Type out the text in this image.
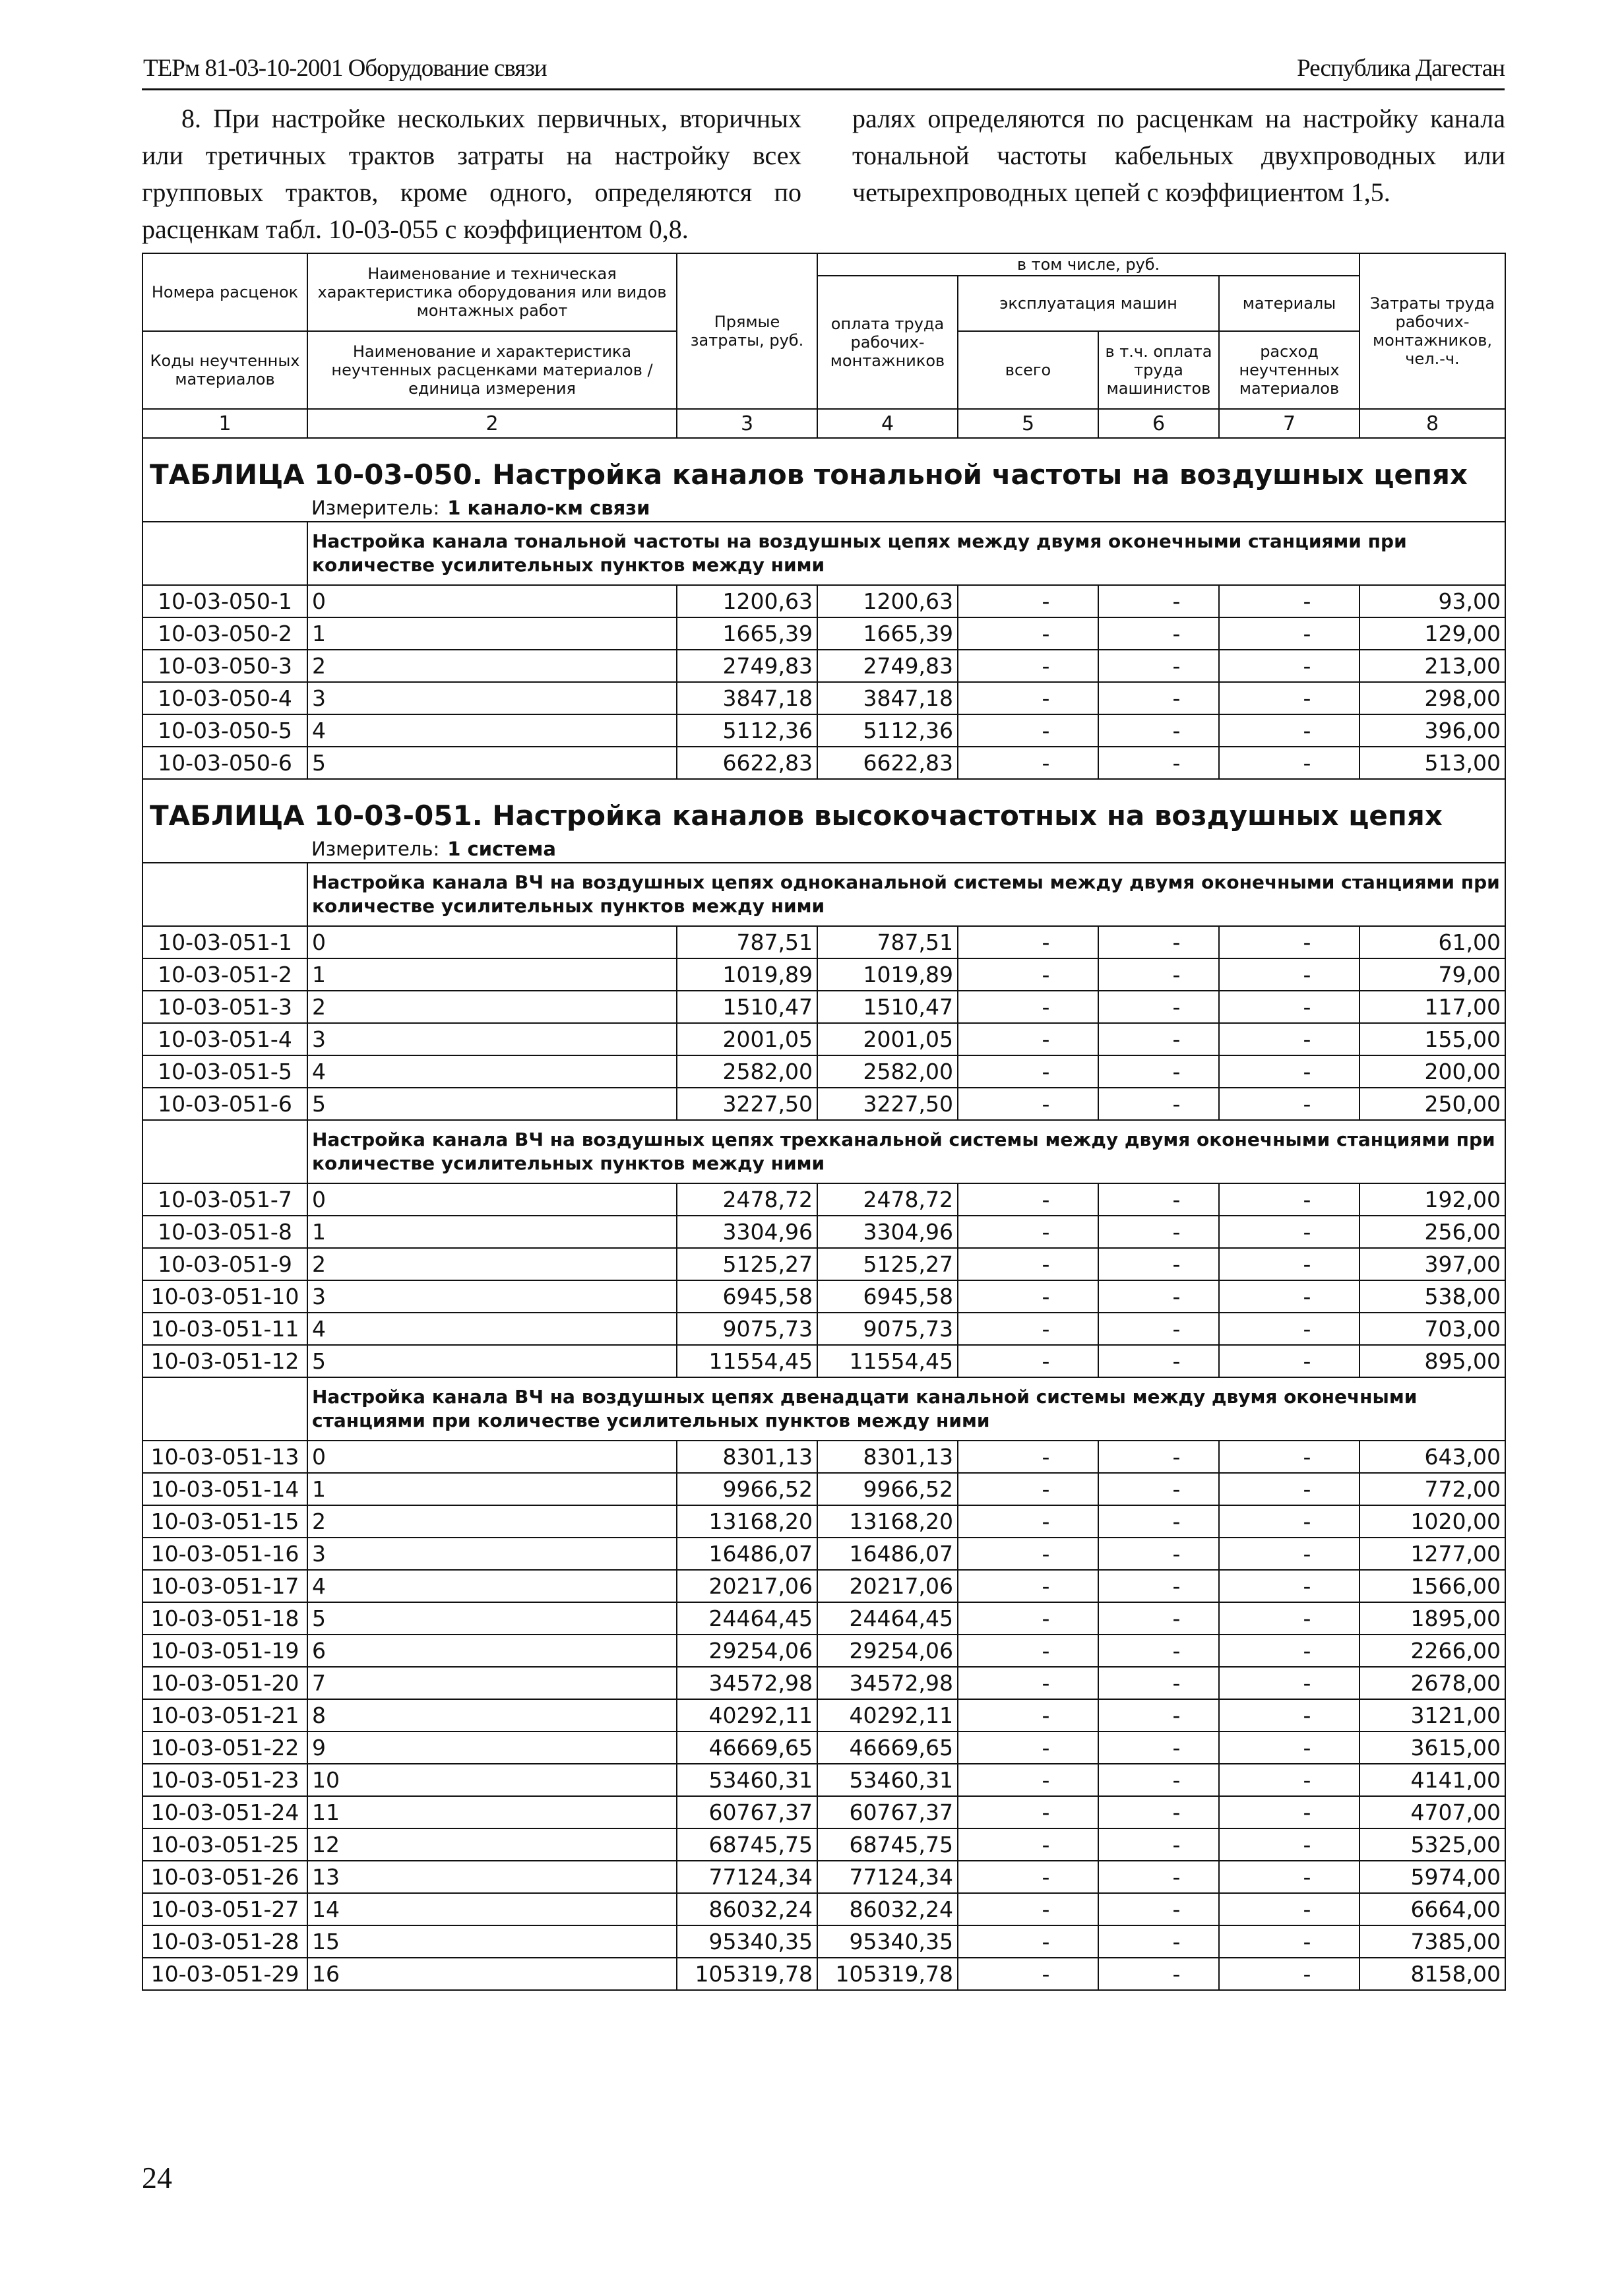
ТЕРм 81-03-10-2001 Оборудование связи	Республика Дагестан
8. При настройке нескольких первичных, вторичных или третичных трактов затраты на настройку всех групповых трактов, кроме одного, определяются по расценкам табл. 10-03-055 с коэффициентом 0,8.
ралях определяются по расценкам на настройку канала тональной частоты кабельных двухпроводных или четырехпроводных цепей с коэффициентом 1,5.
Номера расценок	Наименование и техническая характеристика оборудования или видов монтажных работ	Прямые затраты, руб.	в том числе, руб.				Затраты труда рабочих-монтажников, чел.-ч.
			оплата труда рабочих-монтажников	эксплуатация машин		материалы	
Коды неучтенных материалов	Наименование и характеристика неучтенных расценками материалов / единица измерения			всего	в т.ч. оплата труда машинистов	расход неучтенных материалов	

1	2	3	4	5	6	7	8
ТАБЛИЦА 10-03-050. Настройка каналов тональной частоты на воздушных цепях							
	Измеритель: 1 канало-км связи						
	Настройка канала тональной частоты на воздушных цепях между двумя оконечными станциями при количестве усилительных пунктов между ними						
10-03-050-1	0	1200,63	1200,63	-	-	-	93,00
10-03-050-2	1	1665,39	1665,39	-	-	-	129,00
10-03-050-3	2	2749,83	2749,83	-	-	-	213,00
10-03-050-4	3	3847,18	3847,18	-	-	-	298,00
10-03-050-5	4	5112,36	5112,36	-	-	-	396,00
10-03-050-6	5	6622,83	6622,83	-	-	-	513,00
ТАБЛИЦА 10-03-051. Настройка каналов высокочастотных на воздушных цепях							
	Измеритель: 1 система						
	Настройка канала ВЧ на воздушных цепях одноканальной системы между двумя оконечными станциями при количестве усилительных пунктов между ними						
10-03-051-1	0	787,51	787,51	-	-	-	61,00
10-03-051-2	1	1019,89	1019,89	-	-	-	79,00
10-03-051-3	2	1510,47	1510,47	-	-	-	117,00
10-03-051-4	3	2001,05	2001,05	-	-	-	155,00
10-03-051-5	4	2582,00	2582,00	-	-	-	200,00
10-03-051-6	5	3227,50	3227,50	-	-	-	250,00
	Настройка канала ВЧ на воздушных цепях трехканальной системы между двумя оконечными станциями при количестве усилительных пунктов между ними						
10-03-051-7	0	2478,72	2478,72	-	-	-	192,00
10-03-051-8	1	3304,96	3304,96	-	-	-	256,00
10-03-051-9	2	5125,27	5125,27	-	-	-	397,00
10-03-051-10	3	6945,58	6945,58	-	-	-	538,00
10-03-051-11	4	9075,73	9075,73	-	-	-	703,00
10-03-051-12	5	11554,45	11554,45	-	-	-	895,00
	Настройка канала ВЧ на воздушных цепях двенадцати канальной системы между двумя оконечными станциями при количестве усилительных пунктов между ними						
10-03-051-13	0	8301,13	8301,13	-	-	-	643,00
10-03-051-14	1	9966,52	9966,52	-	-	-	772,00
10-03-051-15	2	13168,20	13168,20	-	-	-	1020,00
10-03-051-16	3	16486,07	16486,07	-	-	-	1277,00
10-03-051-17	4	20217,06	20217,06	-	-	-	1566,00
10-03-051-18	5	24464,45	24464,45	-	-	-	1895,00
10-03-051-19	6	29254,06	29254,06	-	-	-	2266,00
10-03-051-20	7	34572,98	34572,98	-	-	-	2678,00
10-03-051-21	8	40292,11	40292,11	-	-	-	3121,00
10-03-051-22	9	46669,65	46669,65	-	-	-	3615,00
10-03-051-23	10	53460,31	53460,31	-	-	-	4141,00
10-03-051-24	11	60767,37	60767,37	-	-	-	4707,00
10-03-051-25	12	68745,75	68745,75	-	-	-	5325,00
10-03-051-26	13	77124,34	77124,34	-	-	-	5974,00
10-03-051-27	14	86032,24	86032,24	-	-	-	6664,00
10-03-051-28	15	95340,35	95340,35	-	-	-	7385,00
10-03-051-29	16	105319,78	105319,78	-	-	-	8158,00
24
